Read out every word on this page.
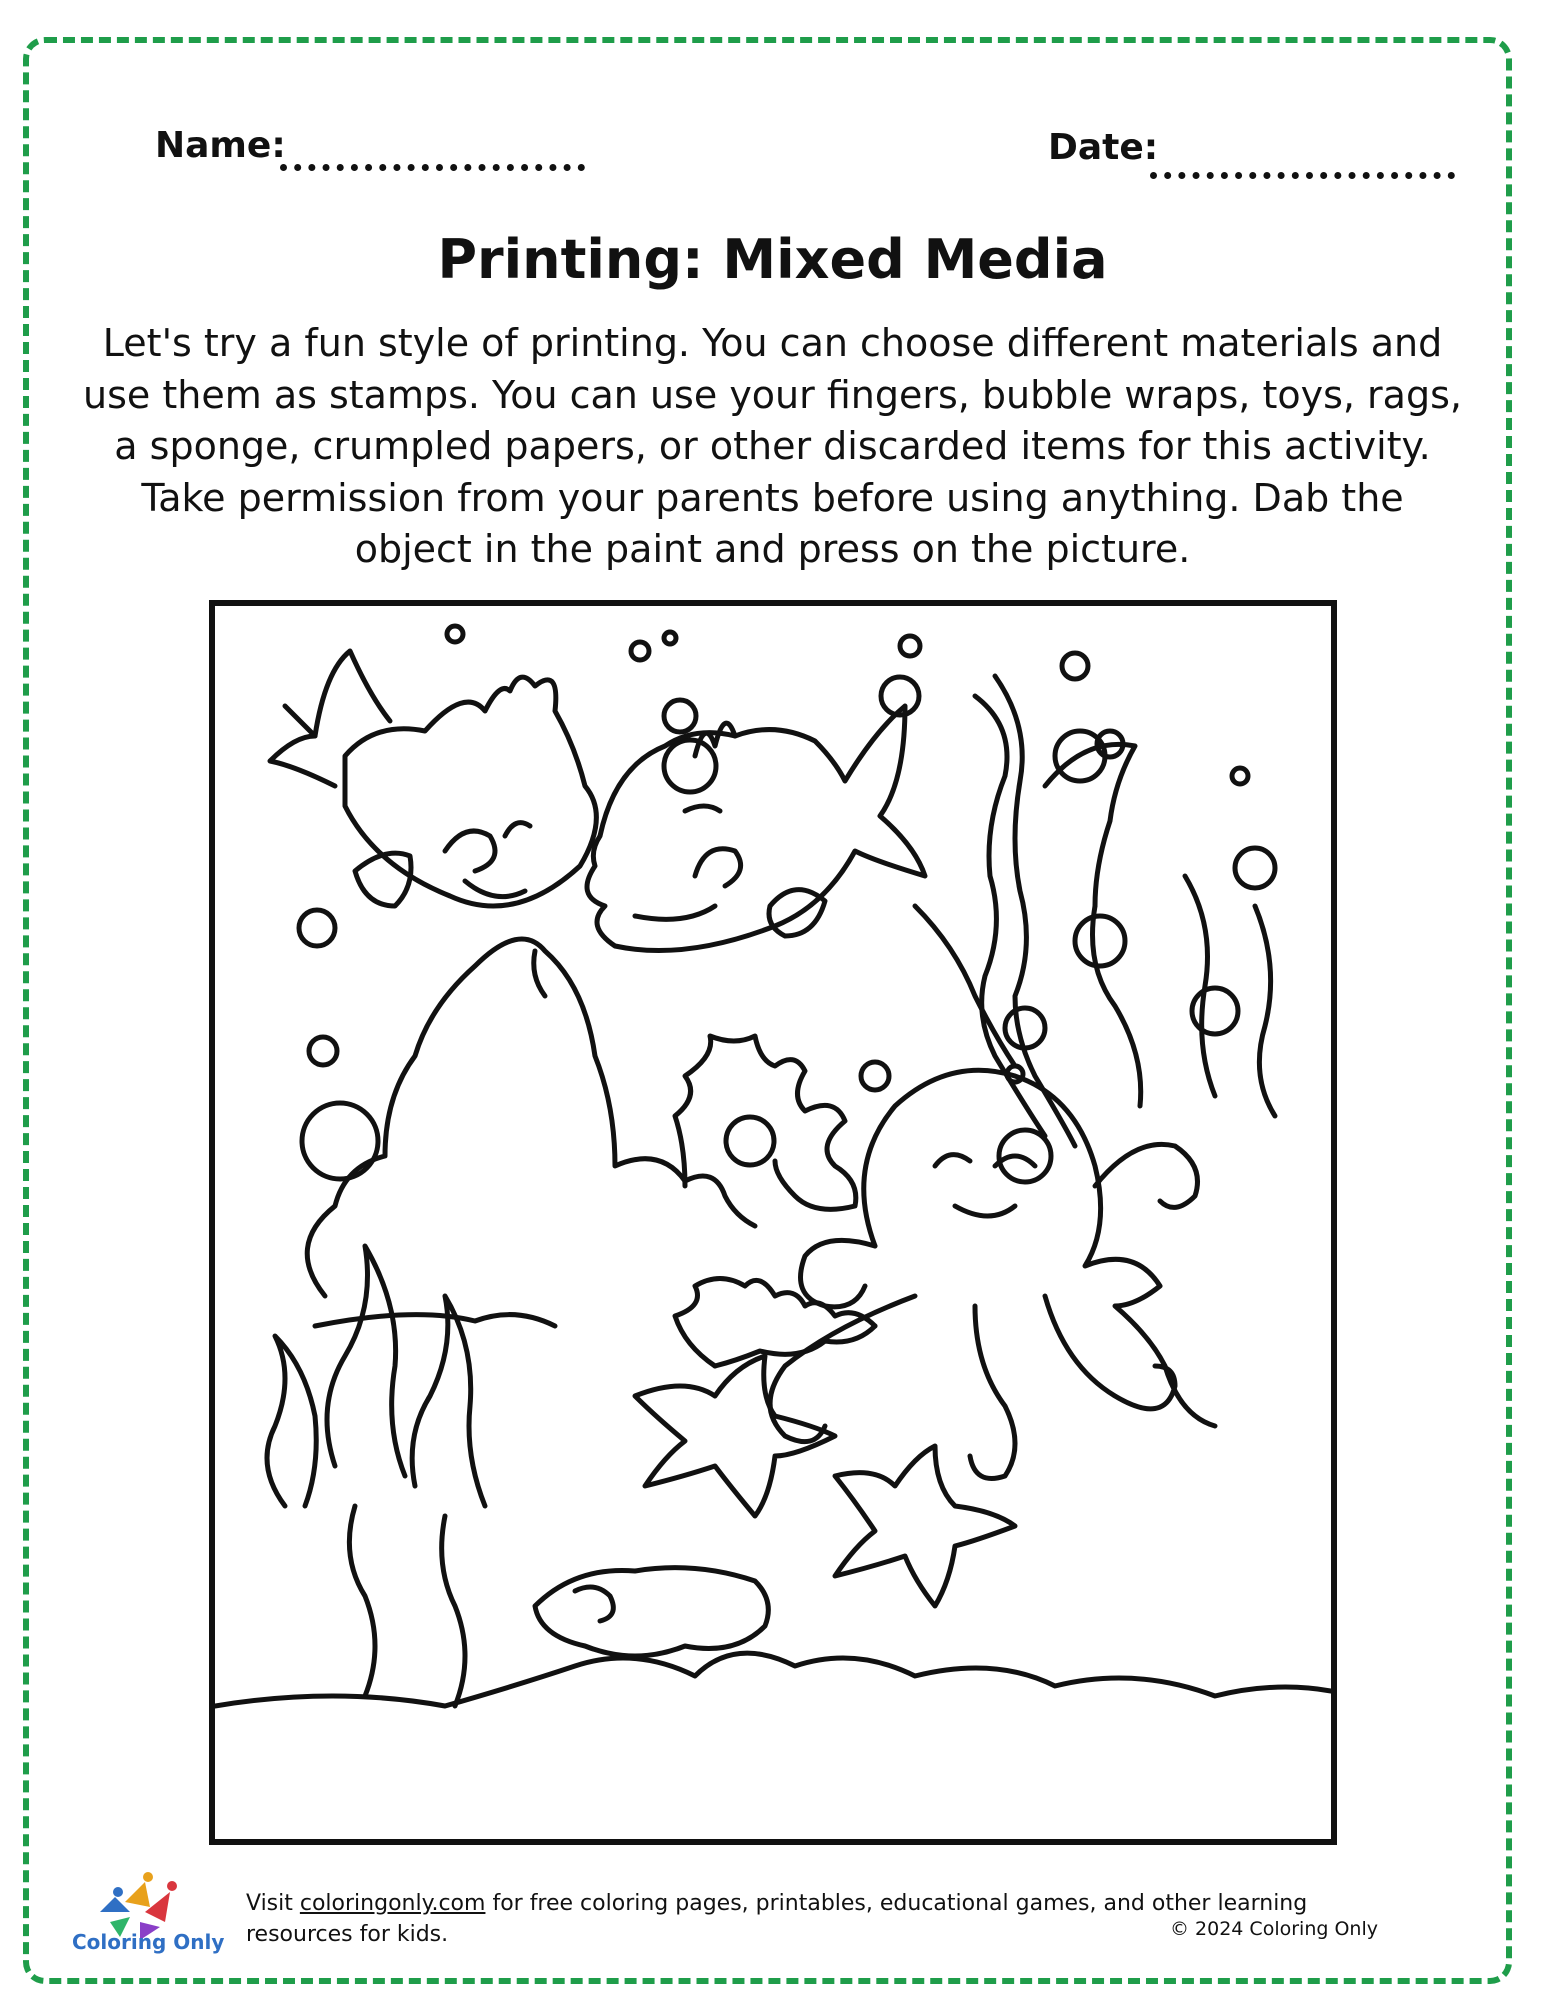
Name:	Date:
Printing: Mixed Media

Let's try a fun style of printing. You can choose different materials and use them as stamps. You can use your fingers, bubble wraps, toys, rags, a sponge, crumpled papers, or other discarded items for this activity. Take permission from your parents before using anything. Dab the object in the paint and press on the picture.

Coloring Only
Visit coloringonly.com for free coloring pages, printables, educational games, and other learning resources for kids.	© 2024 Coloring Only
